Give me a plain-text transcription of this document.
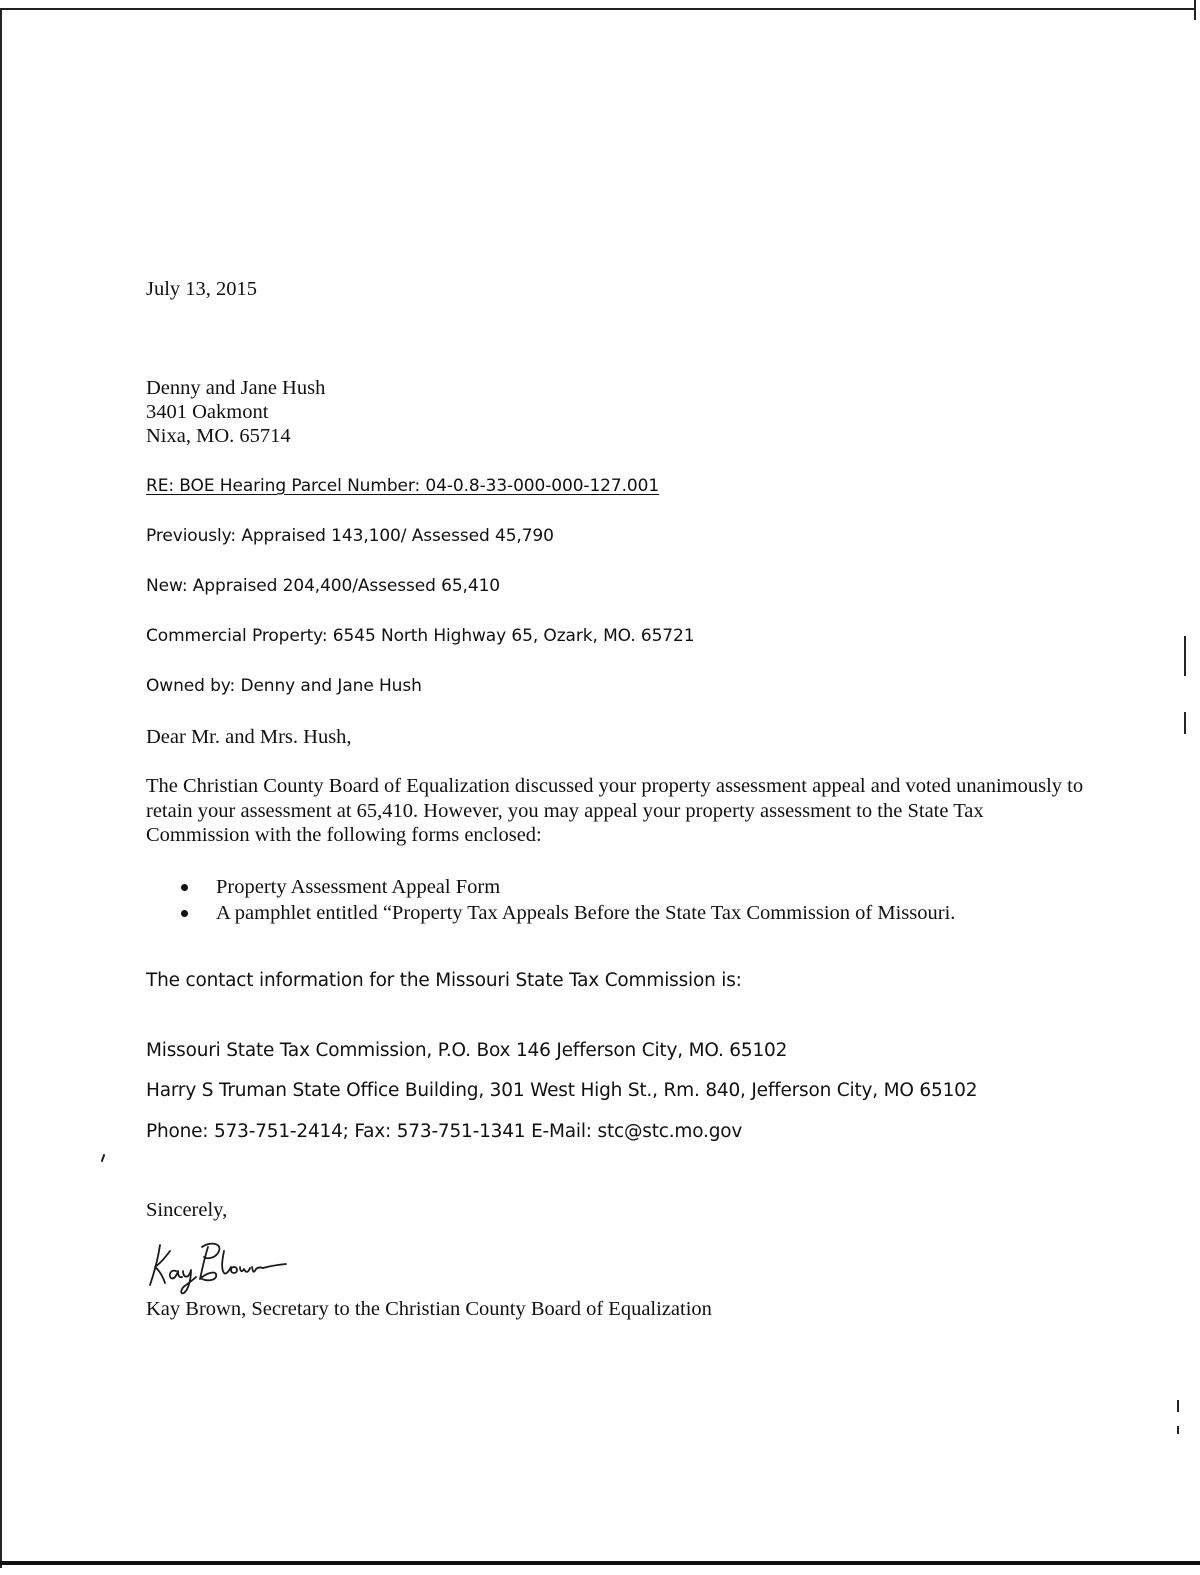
July 13, 2015
Denny and Jane Hush
3401 Oakmont
Nixa, MO. 65714
RE: BOE Hearing Parcel Number: 04-0.8-33-000-000-127.001
Previously: Appraised 143,100/ Assessed 45,790
New: Appraised 204,400/Assessed 65,410
Commercial Property: 6545 North Highway 65, Ozark, MO. 65721
Owned by: Denny and Jane Hush
Dear Mr. and Mrs. Hush,
The Christian County Board of Equalization discussed your property assessment appeal and voted unanimously to retain your assessment at 65,410. However, you may appeal your property assessment to the State Tax Commission with the following forms enclosed:
Property Assessment Appeal Form
A pamphlet entitled “Property Tax Appeals Before the State Tax Commission of Missouri.
The contact information for the Missouri State Tax Commission is:
Missouri State Tax Commission, P.O. Box 146 Jefferson City, MO. 65102
Harry S Truman State Office Building, 301 West High St., Rm. 840, Jefferson City, MO 65102
Phone: 573-751-2414; Fax: 573-751-1341 E-Mail: stc@stc.mo.gov
Sincerely,
Kay Brown, Secretary to the Christian County Board of Equalization
